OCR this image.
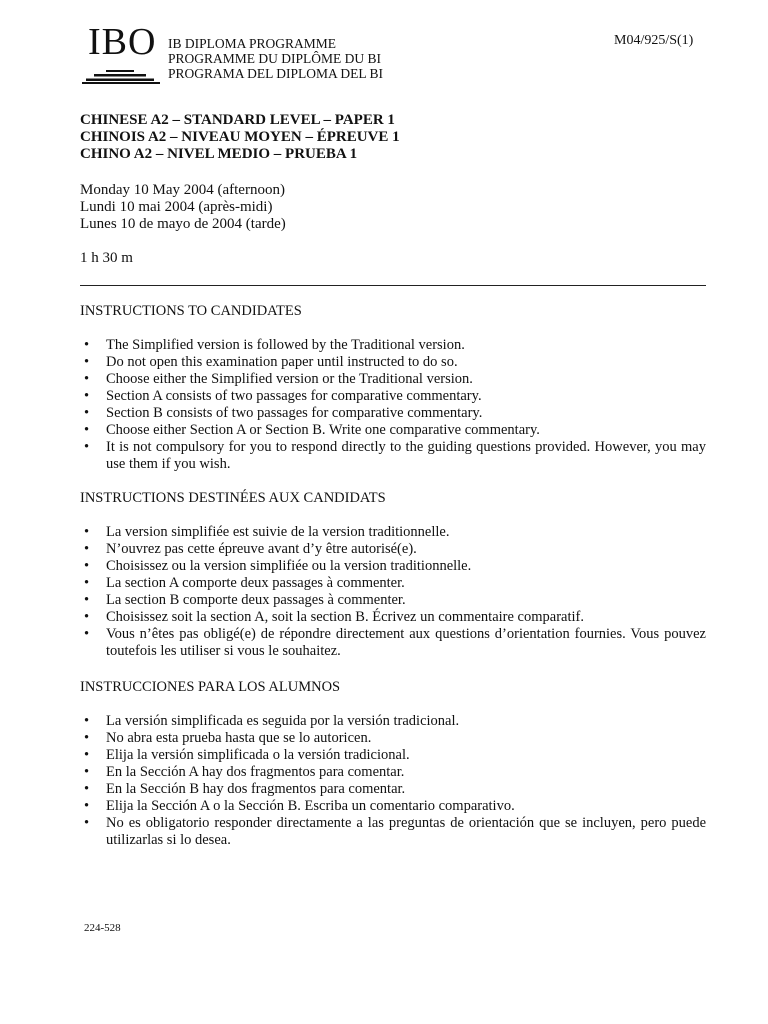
IBO IB DIPLOMA PROGRAMME
PROGRAMME DU DIPLÔME DU BI
PROGRAMA DEL DIPLOMA DEL BI
M04/925/S(1)
CHINESE A2 – STANDARD LEVEL – PAPER 1
CHINOIS A2 – NIVEAU MOYEN – ÉPREUVE 1
CHINO A2 – NIVEL MEDIO – PRUEBA 1
Monday 10 May 2004 (afternoon)
Lundi 10 mai 2004 (après-midi)
Lunes 10 de mayo de 2004 (tarde)
1 h 30 m
INSTRUCTIONS TO CANDIDATES
• The Simplified version is followed by the Traditional version.
• Do not open this examination paper until instructed to do so.
• Choose either the Simplified version or the Traditional version.
• Section A consists of two passages for comparative commentary.
• Section B consists of two passages for comparative commentary.
• Choose either Section A or Section B. Write one comparative commentary.
• It is not compulsory for you to respond directly to the guiding questions provided. However, you may use them if you wish.
INSTRUCTIONS DESTINÉES AUX CANDIDATS
• La version simplifiée est suivie de la version traditionnelle.
• N’ouvrez pas cette épreuve avant d’y être autorisé(e).
• Choisissez ou la version simplifiée ou la version traditionnelle.
• La section A comporte deux passages à commenter.
• La section B comporte deux passages à commenter.
• Choisissez soit la section A, soit la section B. Écrivez un commentaire comparatif.
• Vous n’êtes pas obligé(e) de répondre directement aux questions d’orientation fournies. Vous pouvez toutefois les utiliser si vous le souhaitez.
INSTRUCCIONES PARA LOS ALUMNOS
• La versión simplificada es seguida por la versión tradicional.
• No abra esta prueba hasta que se lo autoricen.
• Elija la versión simplificada o la versión tradicional.
• En la Sección A hay dos fragmentos para comentar.
• En la Sección B hay dos fragmentos para comentar.
• Elija la Sección A o la Sección B. Escriba un comentario comparativo.
• No es obligatorio responder directamente a las preguntas de orientación que se incluyen, pero puede utilizarlas si lo desea.
224-528
